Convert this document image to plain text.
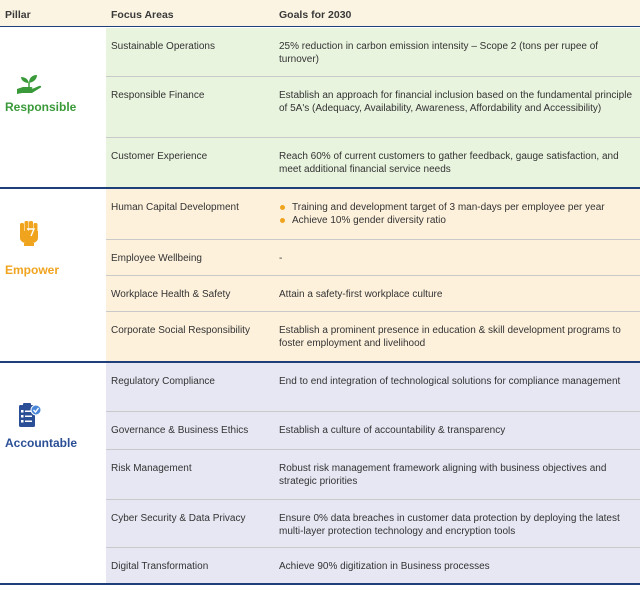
Pillar	Focus Areas	Goals for 2030
Responsible
Sustainable Operations	25% reduction in carbon emission intensity – Scope 2 (tons per rupee of turnover)
Responsible Finance	Establish an approach for financial inclusion based on the fundamental principle of 5A's (Adequacy, Availability, Awareness, Affordability and Accessibility)
Customer Experience	Reach 60% of current customers to gather feedback, gauge satisfaction, and meet additional financial service needs
Empower
Human Capital Development	Training and development target of 3 man-days per employee per year
Achieve 10% gender diversity ratio
Employee Wellbeing	-
Workplace Health & Safety	Attain a safety-first workplace culture
Corporate Social Responsibility	Establish a prominent presence in education & skill development programs to foster employment and livelihood
Accountable
Regulatory Compliance	End to end integration of technological solutions for compliance management
Governance & Business Ethics	Establish a culture of accountability & transparency
Risk Management	Robust risk management framework aligning with business objectives and strategic priorities
Cyber Security & Data Privacy	Ensure 0% data breaches in customer data protection by deploying the latest multi-layer protection technology and encryption tools
Digital Transformation	Achieve 90% digitization in Business processes
